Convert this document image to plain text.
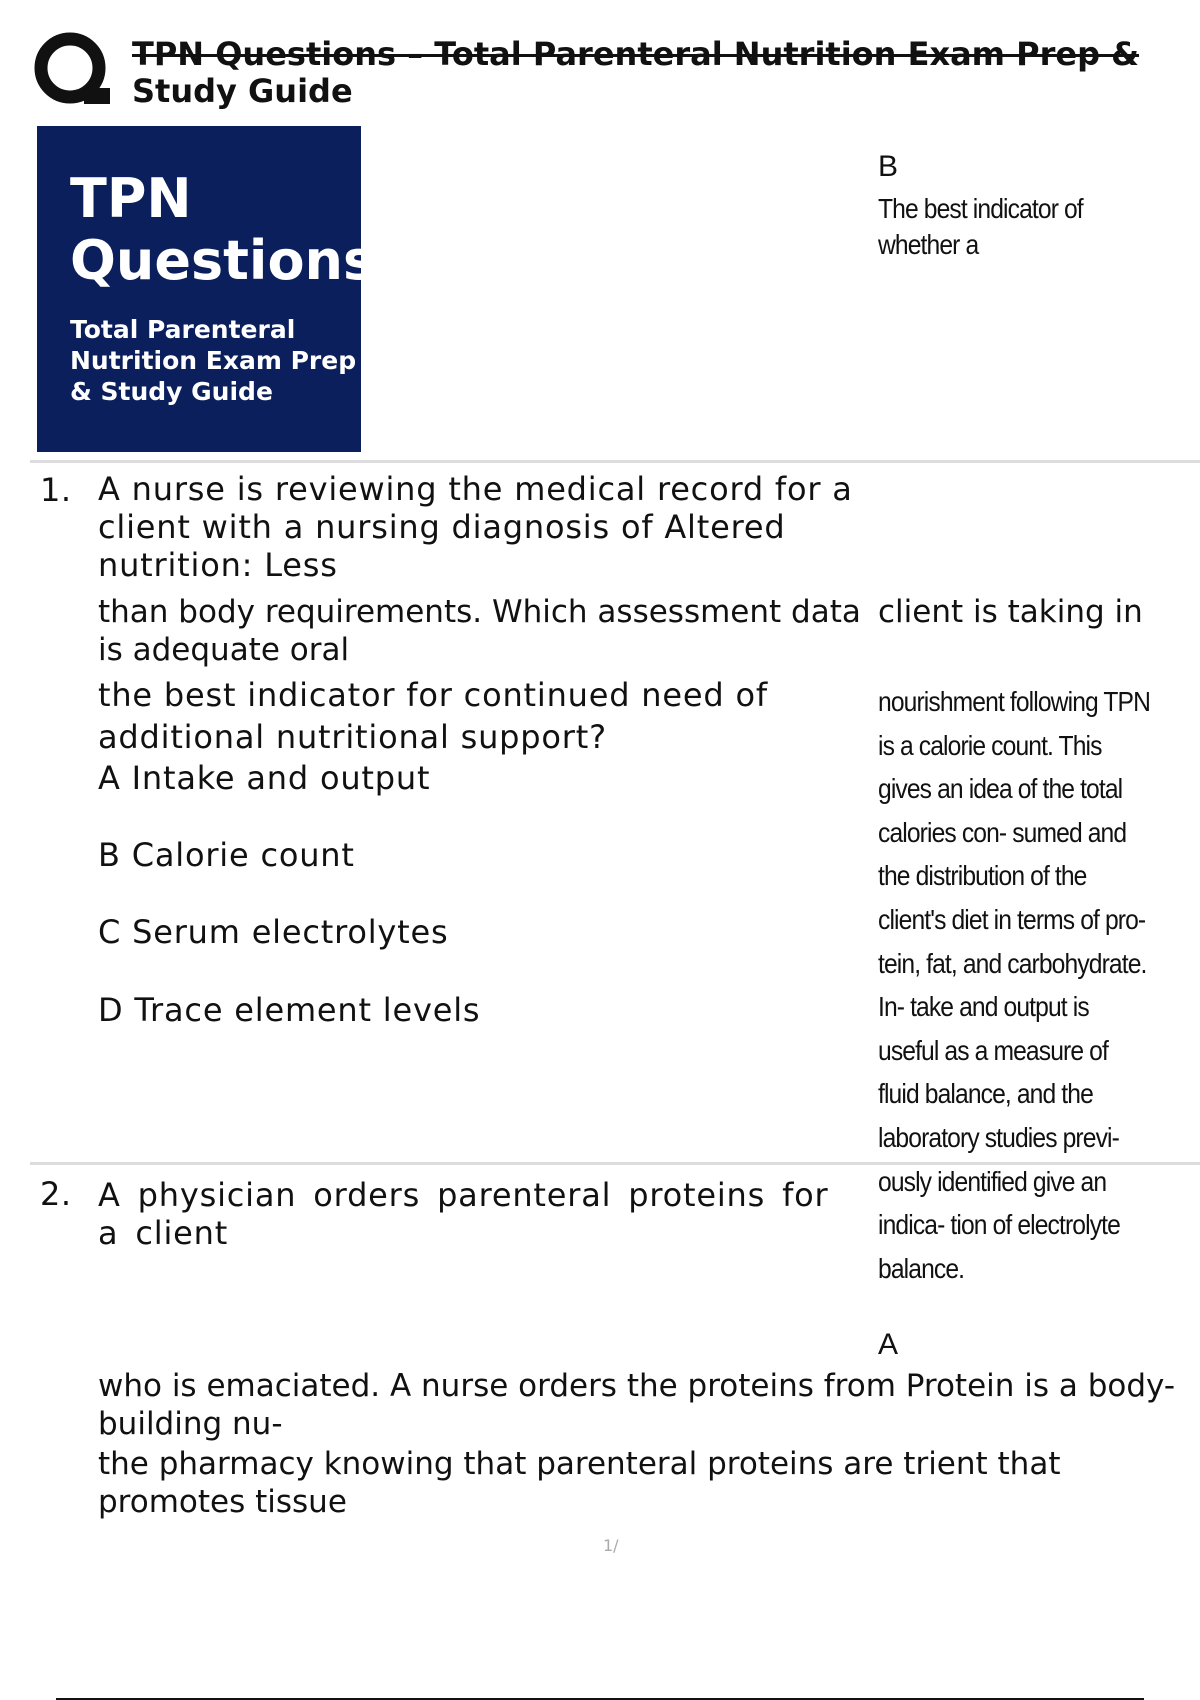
TPN Questions – Total Parenteral Nutrition Exam Prep &
Study Guide
TPN
Questions

Total Parenteral
Nutrition Exam Prep
& Study Guide

1. A nurse is reviewing the medical record for a client with a nursing diagnosis of Altered nutrition: Less
than body requirements. Which assessment data is adequate oral
client is taking in
the best indicator for continued need of additional nutritional support?
A Intake and output
B Calorie count
C Serum electrolytes
D Trace element levels
B

The best indicator of
whether a

nourishment following TPN
is a calorie count. This
gives an idea of the total
calories con- sumed and
the distribution of the
client's diet in terms of pro-
tein, fat, and carbohydrate.
In- take and output is
useful as a measure of
fluid balance, and the
laboratory studies previ-
ously identified give an
indica- tion of electrolyte
balance.

2. A physician orders parenteral proteins for a client
A
who is emaciated. A nurse orders the proteins from Protein is a body-building nu-
the pharmacy knowing that parenteral proteins are trient that promotes tissue
1/
